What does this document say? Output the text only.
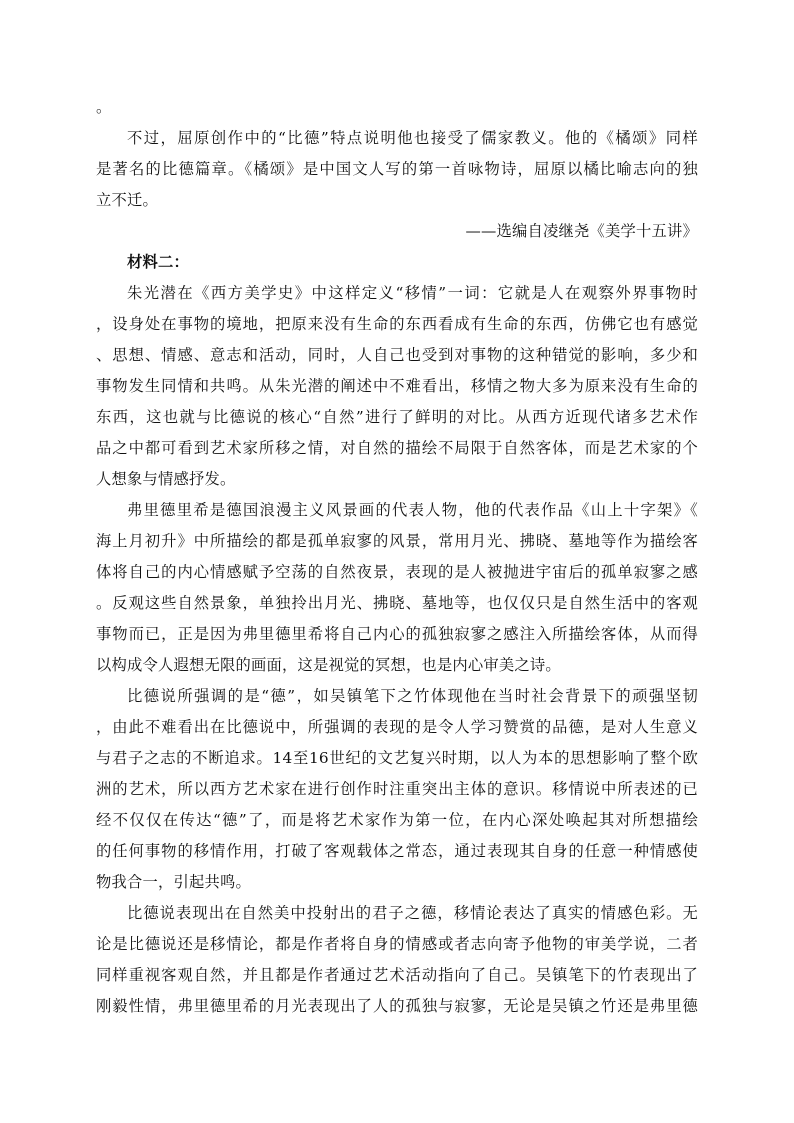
。
不过，屈原创作中的“比德”特点说明他也接受了儒家教义。他的《橘颂》同样
是著名的比德篇章。《橘颂》是中国文人写的第一首咏物诗，屈原以橘比喻志向的独
立不迁。
——选编自凌继尧《美学十五讲》
材料二：
朱光潜在《西方美学史》中这样定义“移情”一词：它就是人在观察外界事物时
，设身处在事物的境地，把原来没有生命的东西看成有生命的东西，仿佛它也有感觉
、思想、情感、意志和活动，同时，人自己也受到对事物的这种错觉的影响，多少和
事物发生同情和共鸣。从朱光潜的阐述中不难看出，移情之物大多为原来没有生命的
东西，这也就与比德说的核心“自然”进行了鲜明的对比。从西方近现代诸多艺术作
品之中都可看到艺术家所移之情，对自然的描绘不局限于自然客体，而是艺术家的个
人想象与情感抒发。
弗里德里希是德国浪漫主义风景画的代表人物，他的代表作品《山上十字架》《
海上月初升》中所描绘的都是孤单寂寥的风景，常用月光、拂晓、墓地等作为描绘客
体将自己的内心情感赋予空荡的自然夜景，表现的是人被抛进宇宙后的孤单寂寥之感
。反观这些自然景象，单独拎出月光、拂晓、墓地等，也仅仅只是自然生活中的客观
事物而已，正是因为弗里德里希将自己内心的孤独寂寥之感注入所描绘客体，从而得
以构成令人遐想无限的画面，这是视觉的冥想，也是内心审美之诗。
比德说所强调的是“德”，如吴镇笔下之竹体现他在当时社会背景下的顽强坚韧
，由此不难看出在比德说中，所强调的表现的是令人学习赞赏的品德，是对人生意义
与君子之志的不断追求。14至16世纪的文艺复兴时期，以人为本的思想影响了整个欧
洲的艺术，所以西方艺术家在进行创作时注重突出主体的意识。移情说中所表述的已
经不仅仅在传达“德”了，而是将艺术家作为第一位，在内心深处唤起其对所想描绘
的任何事物的移情作用，打破了客观载体之常态，通过表现其自身的任意一种情感使
物我合一，引起共鸣。
比德说表现出在自然美中投射出的君子之德，移情论表达了真实的情感色彩。无
论是比德说还是移情论，都是作者将自身的情感或者志向寄予他物的审美学说，二者
同样重视客观自然，并且都是作者通过艺术活动指向了自己。吴镇笔下的竹表现出了
刚毅性情，弗里德里希的月光表现出了人的孤独与寂寥，无论是吴镇之竹还是弗里德
